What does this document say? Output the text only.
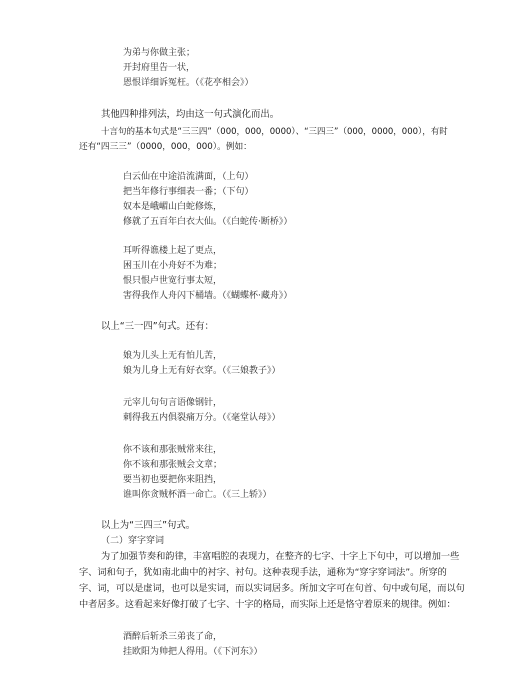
为弟与你做主张；
开封府里告一状，
恩恨详细诉冤枉。（《花亭相会》）
其他四种排列法，均由这一句式演化而出。
十言句的基本句式是“三三四”（000，000，0000）、“三四三”（000，0000，000），有时
还有“四三三”（0000，000，000）。例如：
白云仙在中途沿流满面，（上句）
把当年修行事细表一番；（下句）
奴本是峨嵋山白蛇修炼，
修就了五百年白衣大仙。（《白蛇传·断桥》）
耳听得谯楼上起了更点，
困玉川在小舟好不为难；
恨只恨卢世宽行事太短，
害得我作人舟闪下桶墙。（《蝴蝶杯·藏舟》）
以上“三一四”句式。还有：
娘为儿头上无有怕儿苦，
娘为儿身上无有好衣穿。（《三娘教子》）
元宰儿句句言语像钢针，
刺得我五内俱裂痛万分。（《毫堂认母》）
你不该和那张贼常来往，
你不该和那张贼会文章；
要当初也要把你来阻挡，
谁叫你贪贼杯酒一命亡。（《三上轿》）
以上为“三四三”句式。
（二）穿字穿词
为了加强节奏和韵律，丰富唱腔的表现力，在整齐的七字、十字上下句中，可以增加一些
字、词和句子，犹如南北曲中的衬字、衬句。这种表现手法，通称为“穿字穿词法”。所穿的
字、词，可以是虚词，也可以是实词，而以实词居多。所加文字可在句首、句中或句尾，而以句
中者居多。这看起来好像打破了七字、十字的格局，而实际上还是恪守着原来的规律。例如：
酒醉后斩杀三弟丧了命，
挂欧阳为帅把人得用。（《下河东》）
